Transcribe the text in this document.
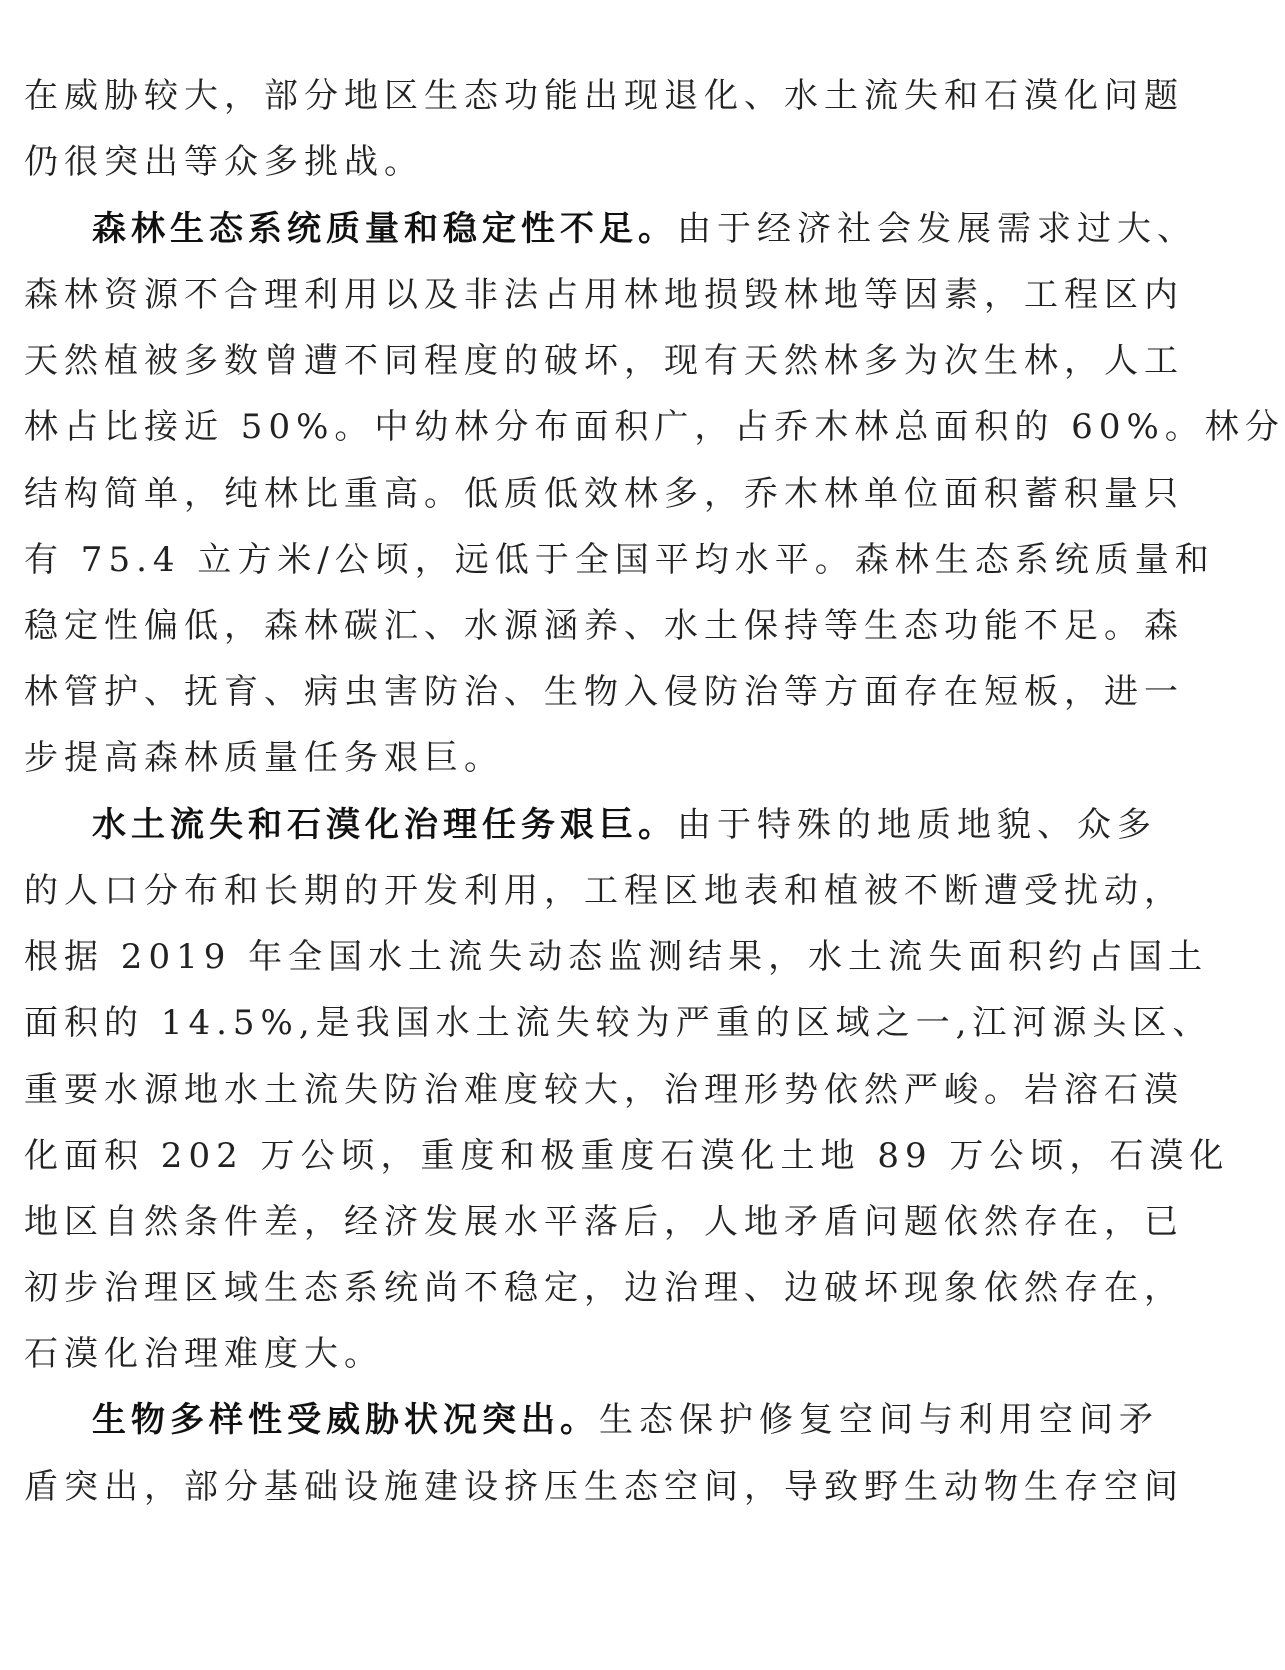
在威胁较大，部分地区生态功能出现退化、水土流失和石漠化问题
仍很突出等众多挑战。
森林生态系统质量和稳定性不足。由于经济社会发展需求过大、
森林资源不合理利用以及非法占用林地损毁林地等因素，工程区内
天然植被多数曾遭不同程度的破坏，现有天然林多为次生林，人工
林占比接近 50%。中幼林分布面积广，占乔木林总面积的 60%。林分
结构简单，纯林比重高。低质低效林多，乔木林单位面积蓄积量只
有 75.4 立方米/公顷，远低于全国平均水平。森林生态系统质量和
稳定性偏低，森林碳汇、水源涵养、水土保持等生态功能不足。森
林管护、抚育、病虫害防治、生物入侵防治等方面存在短板，进一
步提高森林质量任务艰巨。
水土流失和石漠化治理任务艰巨。由于特殊的地质地貌、众多
的人口分布和长期的开发利用，工程区地表和植被不断遭受扰动，
根据 2019 年全国水土流失动态监测结果，水土流失面积约占国土
面积的 14.5%,是我国水土流失较为严重的区域之一,江河源头区、
重要水源地水土流失防治难度较大，治理形势依然严峻。岩溶石漠
化面积 202 万公顷，重度和极重度石漠化土地 89 万公顷，石漠化
地区自然条件差，经济发展水平落后，人地矛盾问题依然存在，已
初步治理区域生态系统尚不稳定，边治理、边破坏现象依然存在，
石漠化治理难度大。
生物多样性受威胁状况突出。生态保护修复空间与利用空间矛
盾突出，部分基础设施建设挤压生态空间，导致野生动物生存空间
